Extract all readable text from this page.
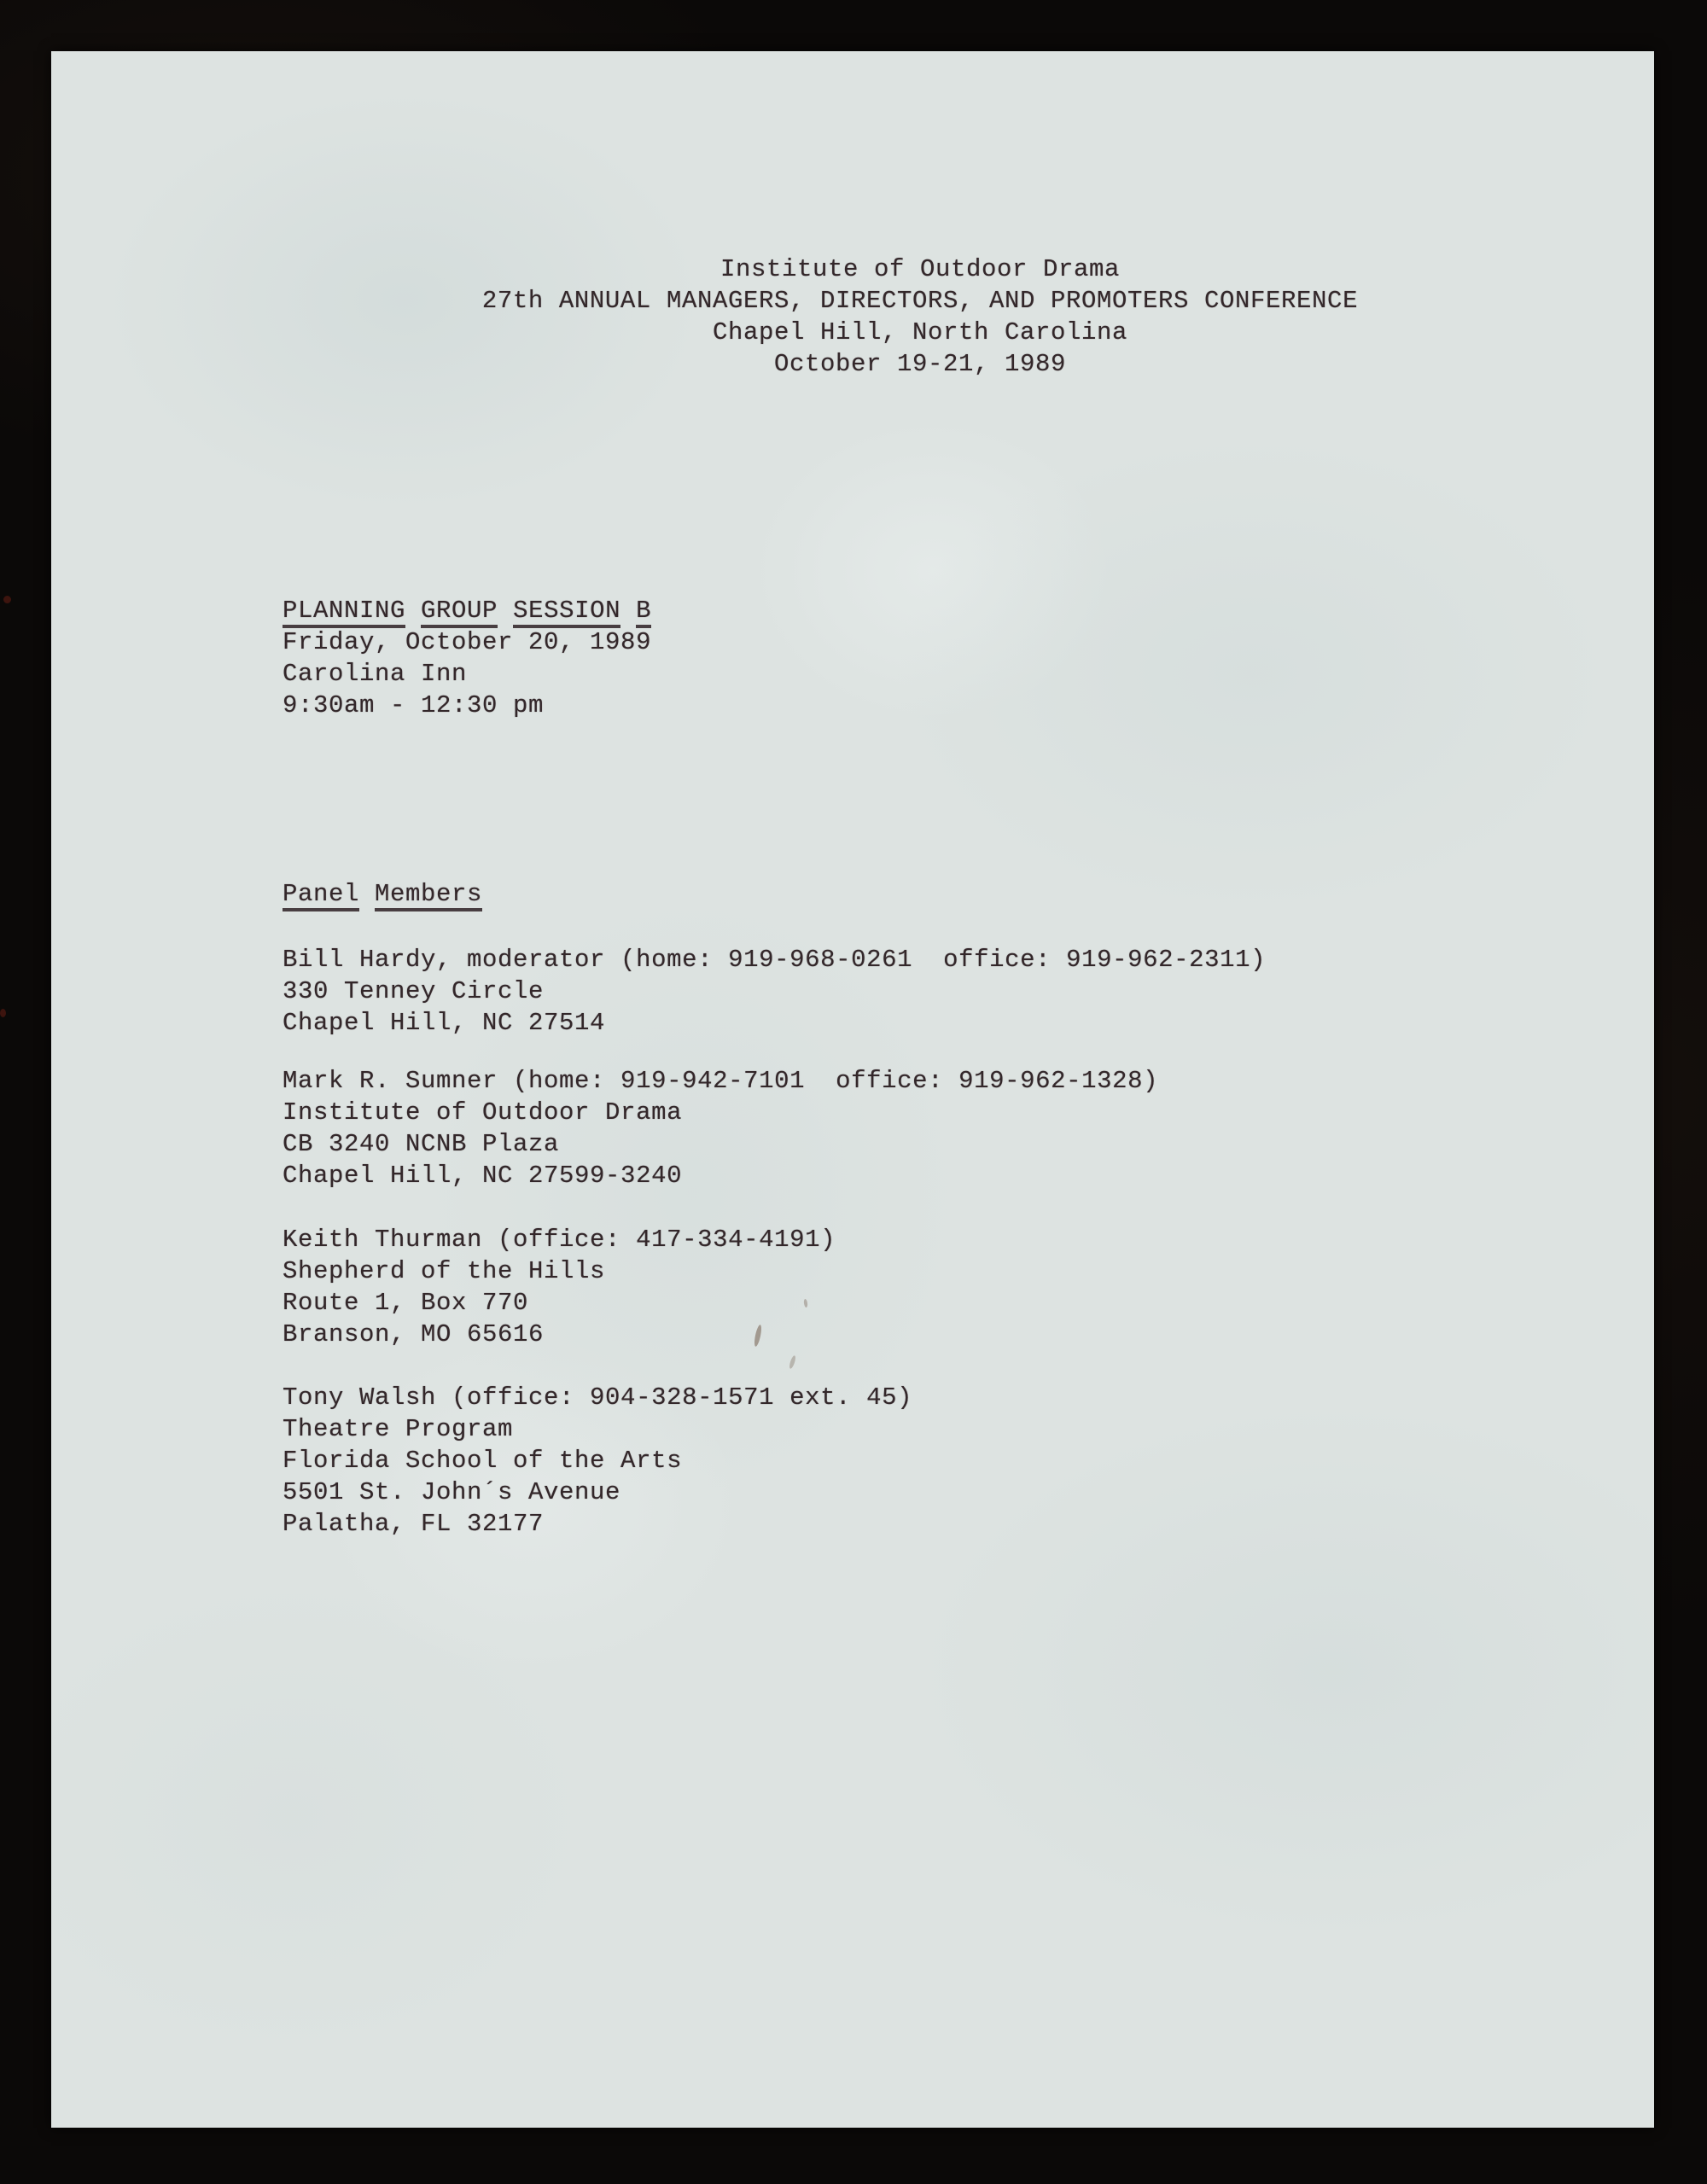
Institute of Outdoor Drama
27th ANNUAL MANAGERS, DIRECTORS, AND PROMOTERS CONFERENCE
Chapel Hill, North Carolina
October 19-21, 1989
PLANNING GROUP SESSION B
Friday, October 20, 1989
Carolina Inn
9:30am - 12:30 pm
Panel Members
Bill Hardy, moderator (home: 919-968-0261  office: 919-962-2311)
330 Tenney Circle
Chapel Hill, NC 27514
Mark R. Sumner (home: 919-942-7101  office: 919-962-1328)
Institute of Outdoor Drama
CB 3240 NCNB Plaza
Chapel Hill, NC 27599-3240
Keith Thurman (office: 417-334-4191)
Shepherd of the Hills
Route 1, Box 770
Branson, MO 65616
Tony Walsh (office: 904-328-1571 ext. 45)
Theatre Program
Florida School of the Arts
5501 St. John´s Avenue
Palatha, FL 32177
